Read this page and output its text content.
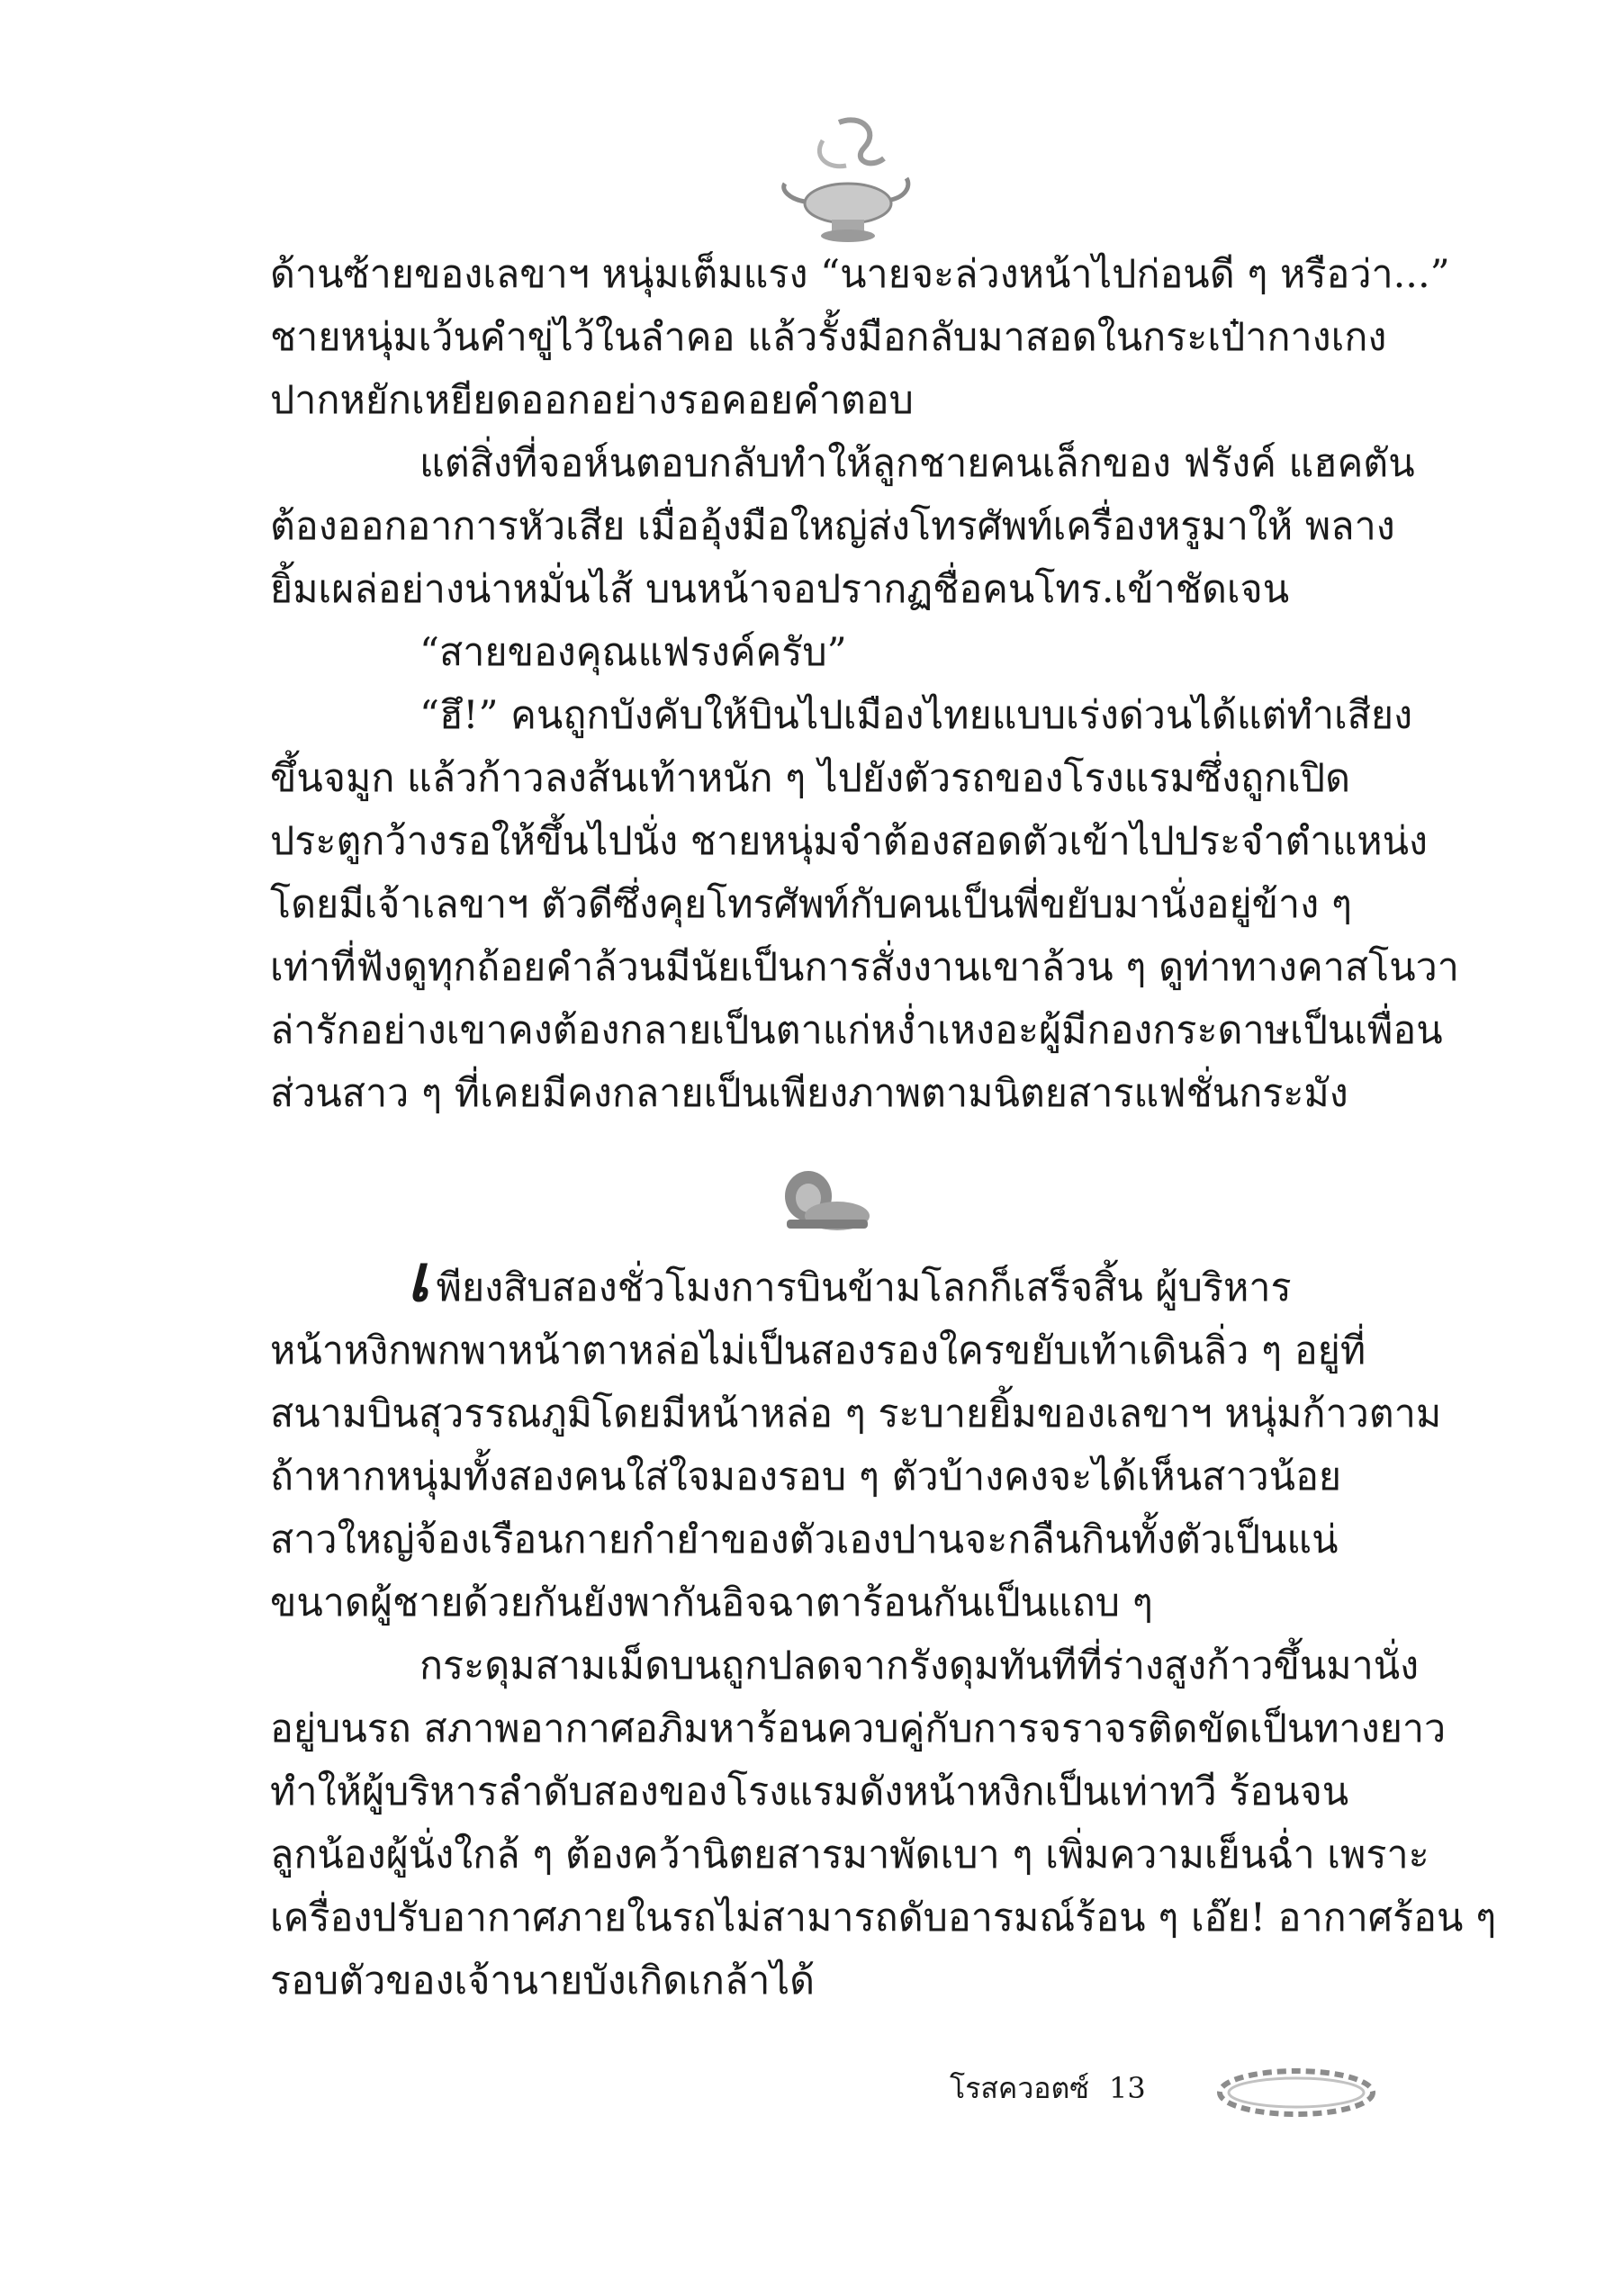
ด้านซ้ายของเลขาฯ หนุ่มเต็มแรง “นายจะล่วงหน้าไปก่อนดี ๆ หรือว่า...”

ชายหนุ่มเว้นคำขู่ไว้ในลำคอ แล้วรั้งมือกลับมาสอดในกระเป๋ากางเกง

ปากหยักเหยียดออกอย่างรอคอยคำตอบ

แต่สิ่งที่จอห์นตอบกลับทำให้ลูกชายคนเล็กของ ฟรังค์ แฮคตัน

ต้องออกอาการหัวเสีย เมื่ออุ้งมือใหญ่ส่งโทรศัพท์เครื่องหรูมาให้ พลาง

ยิ้มเผล่อย่างน่าหมั่นไส้ บนหน้าจอปรากฏชื่อคนโทร.เข้าชัดเจน

“สายของคุณแฟรงค์ครับ”

“ฮึ!” คนถูกบังคับให้บินไปเมืองไทยแบบเร่งด่วนได้แต่ทำเสียง

ขึ้นจมูก แล้วก้าวลงส้นเท้าหนัก ๆ ไปยังตัวรถของโรงแรมซึ่งถูกเปิด

ประตูกว้างรอให้ขึ้นไปนั่ง ชายหนุ่มจำต้องสอดตัวเข้าไปประจำตำแหน่ง

โดยมีเจ้าเลขาฯ ตัวดีซึ่งคุยโทรศัพท์กับคนเป็นพี่ขยับมานั่งอยู่ข้าง ๆ

เท่าที่ฟังดูทุกถ้อยคำล้วนมีนัยเป็นการสั่งงานเขาล้วน ๆ ดูท่าทางคาสโนวา

ล่ารักอย่างเขาคงต้องกลายเป็นตาแก่หง่ำเหงอะผู้มีกองกระดาษเป็นเพื่อน

ส่วนสาว ๆ ที่เคยมีคงกลายเป็นเพียงภาพตามนิตยสารแฟชั่นกระมัง

เพียงสิบสองชั่วโมงการบินข้ามโลกก็เสร็จสิ้น ผู้บริหาร

หน้าหงิกพกพาหน้าตาหล่อไม่เป็นสองรองใครขยับเท้าเดินลิ่ว ๆ อยู่ที่

สนามบินสุวรรณภูมิโดยมีหน้าหล่อ ๆ ระบายยิ้มของเลขาฯ หนุ่มก้าวตาม

ถ้าหากหนุ่มทั้งสองคนใส่ใจมองรอบ ๆ ตัวบ้างคงจะได้เห็นสาวน้อย

สาวใหญ่จ้องเรือนกายกำยำของตัวเองปานจะกลืนกินทั้งตัวเป็นแน่

ขนาดผู้ชายด้วยกันยังพากันอิจฉาตาร้อนกันเป็นแถบ ๆ

กระดุมสามเม็ดบนถูกปลดจากรังดุมทันทีที่ร่างสูงก้าวขึ้นมานั่ง

อยู่บนรถ สภาพอากาศอภิมหาร้อนควบคู่กับการจราจรติดขัดเป็นทางยาว

ทำให้ผู้บริหารลำดับสองของโรงแรมดังหน้าหงิกเป็นเท่าทวี ร้อนจน

ลูกน้องผู้นั่งใกล้ ๆ ต้องคว้านิตยสารมาพัดเบา ๆ เพิ่มความเย็นฉ่ำ เพราะ

เครื่องปรับอากาศภายในรถไม่สามารถดับอารมณ์ร้อน ๆ เอ๊ย! อากาศร้อน ๆ

รอบตัวของเจ้านายบังเกิดเกล้าได้

โรสควอตซ์ 13
